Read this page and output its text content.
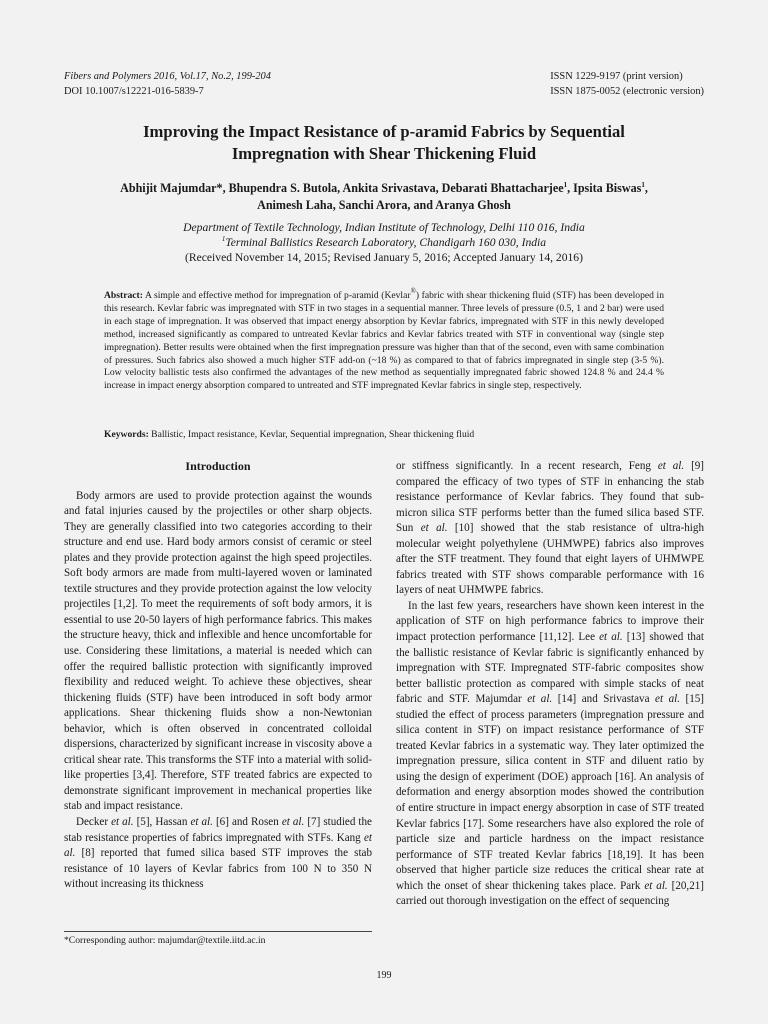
Fibers and Polymers 2016, Vol.17, No.2, 199-204
DOI 10.1007/s12221-016-5839-7
ISSN 1229-9197 (print version)
ISSN 1875-0052 (electronic version)
Improving the Impact Resistance of p-aramid Fabrics by Sequential
Impregnation with Shear Thickening Fluid
Abhijit Majumdar*, Bhupendra S. Butola, Ankita Srivastava, Debarati Bhattacharjee$^1$, Ipsita Biswas$^1$,
Animesh Laha, Sanchi Arora, and Aranya Ghosh
Department of Textile Technology, Indian Institute of Technology, Delhi 110 016, India
$^1$Terminal Ballistics Research Laboratory, Chandigarh 160 030, India
(Received November 14, 2015; Revised January 5, 2016; Accepted January 14, 2016)
Abstract: A simple and effective method for impregnation of p-aramid (Kevlar®) fabric with shear thickening fluid (STF) has been developed in this research. Kevlar fabric was impregnated with STF in two stages in a sequential manner. Three levels of pressure (0.5, 1 and 2 bar) were used in each stage of impregnation. It was observed that impact energy absorption by Kevlar fabrics, impregnated with STF in this newly developed method, increased significantly as compared to untreated Kevlar fabrics and Kevlar fabrics treated with STF in conventional way (single step impregnation). Better results were obtained when the first impregnation pressure was higher than that of the second, even with same combination of pressures. Such fabrics also showed a much higher STF add-on (~18 %) as compared to that of fabrics impregnated in single step (3-5 %). Low velocity ballistic tests also confirmed the advantages of the new method as sequentially impregnated fabric showed 124.8 % and 24.4 % increase in impact energy absorption compared to untreated and STF impregnated Kevlar fabrics in single step, respectively.
Keywords: Ballistic, Impact resistance, Kevlar, Sequential impregnation, Shear thickening fluid
Introduction

Body armors are used to provide protection against the wounds and fatal injuries caused by the projectiles or other sharp objects. They are generally classified into two categories according to their structure and end use. Hard body armors consist of ceramic or steel plates and they provide protection against the high speed projectiles. Soft body armors are made from multi-layered woven or laminated textile structures and they provide protection against the low velocity projectiles [1,2]. To meet the requirements of soft body armors, it is essential to use 20-50 layers of high performance fabrics. This makes the structure heavy, thick and inflexible and hence uncomfortable for use. Considering these limitations, a material is needed which can offer the required ballistic protection with significantly improved flexibility and reduced weight. To achieve these objectives, shear thickening fluids (STF) have been introduced in soft body armor applications. Shear thickening fluids show a non-Newtonian behavior, which is often observed in concentrated colloidal dispersions, characterized by significant increase in viscosity above a critical shear rate. This transforms the STF into a material with solid-like properties [3,4]. Therefore, STF treated fabrics are expected to demonstrate significant improvement in mechanical properties like stab and impact resistance.

Decker et al. [5], Hassan et al. [6] and Rosen et al. [7] studied the stab resistance properties of fabrics impregnated with STFs. Kang et al. [8] reported that fumed silica based STF improves the stab resistance of 10 layers of Kevlar fabrics from 100 N to 350 N without increasing its thickness

or stiffness significantly. In a recent research, Feng et al. [9] compared the efficacy of two types of STF in enhancing the stab resistance performance of Kevlar fabrics. They found that sub-micron silica STF performs better than the fumed silica based STF. Sun et al. [10] showed that the stab resistance of ultra-high molecular weight polyethylene (UHMWPE) fabrics also improves after the STF treatment. They found that eight layers of UHMWPE fabrics treated with STF shows comparable performance with 16 layers of neat UHMWPE fabrics.

In the last few years, researchers have shown keen interest in the application of STF on high performance fabrics to improve their impact protection performance [11,12]. Lee et al. [13] showed that the ballistic resistance of Kevlar fabric is significantly enhanced by impregnation with STF. Impregnated STF-fabric composites show better ballistic protection as compared with simple stacks of neat fabric and STF. Majumdar et al. [14] and Srivastava et al. [15] studied the effect of process parameters (impregnation pressure and silica content in STF) on impact resistance performance of STF treated Kevlar fabrics in a systematic way. They later optimized the impregnation pressure, silica content in STF and diluent ratio by using the design of experiment (DOE) approach [16]. An analysis of deformation and energy absorption modes showed the contribution of entire structure in impact energy absorption in case of STF treated Kevlar fabrics [17]. Some researchers have also explored the role of particle size and particle hardness on the impact resistance performance of STF treated Kevlar fabrics [18,19]. It has been observed that higher particle size reduces the critical shear rate at which the onset of shear thickening takes place. Park et al. [20,21] carried out thorough investigation on the effect of sequencing

*Corresponding author: majumdar@textile.iitd.ac.in
199
